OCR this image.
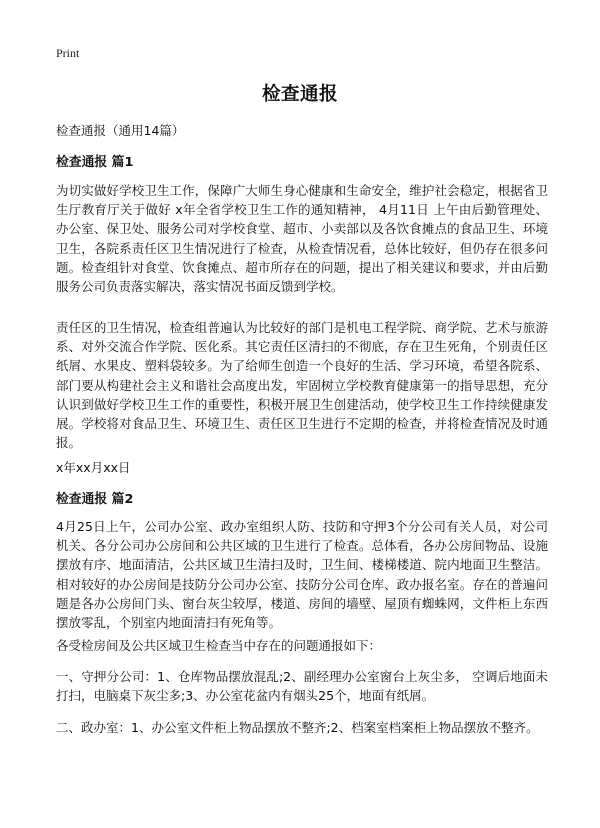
Print
检查通报
检查通报（通用14篇）
检查通报 篇1
为切实做好学校卫生工作，保障广大师生身心健康和生命安全，维护社会稳定，根据省卫生厅教育厅关于做好 x年全省学校卫生工作的通知精神， 4月11日 上午由后勤管理处、办公室、保卫处、服务公司对学校食堂、超市、小卖部以及各饮食摊点的食品卫生、环境卫生，各院系责任区卫生情况进行了检查，从检查情况看，总体比较好，但仍存在很多问题。检查组针对食堂、饮食摊点、超市所存在的问题，提出了相关建议和要求，并由后勤服务公司负责落实解决，落实情况书面反馈到学校。
责任区的卫生情况，检查组普遍认为比较好的部门是机电工程学院、商学院、艺术与旅游系、对外交流合作学院、医化系。其它责任区清扫的不彻底，存在卫生死角，个别责任区纸屑、水果皮、塑料袋较多。为了给师生创造一个良好的生活、学习环境，希望各院系、部门要从构建社会主义和谐社会高度出发，牢固树立学校教育健康第一的指导思想，充分认识到做好学校卫生工作的重要性，积极开展卫生创建活动，使学校卫生工作持续健康发展。学校将对食品卫生、环境卫生、责任区卫生进行不定期的检查，并将检查情况及时通报。
x年xx月xx日
检查通报 篇2
4月25日上午，公司办公室、政办室组织人防、技防和守押3个分公司有关人员，对公司机关、各分公司办公房间和公共区域的卫生进行了检查。总体看，各办公房间物品、设施摆放有序、地面清洁，公共区域卫生清扫及时，卫生间、楼梯楼道、院内地面卫生整洁。相对较好的办公房间是技防分公司办公室、技防分公司仓库、政办报名室。存在的普遍问题是各办公房间门头、窗台灰尘较厚，楼道、房间的墙壁、屋顶有蜘蛛网，文件柜上东西摆放零乱，个别室内地面清扫有死角等。
各受检房间及公共区域卫生检查当中存在的问题通报如下：
一、守押分公司：1、仓库物品摆放混乱;2、副经理办公室窗台上灰尘多， 空调后地面未打扫，电脑桌下灰尘多;3、办公室花盆内有烟头25个，地面有纸屑。
二、政办室：1、办公室文件柜上物品摆放不整齐;2、档案室档案柜上物品摆放不整齐。
